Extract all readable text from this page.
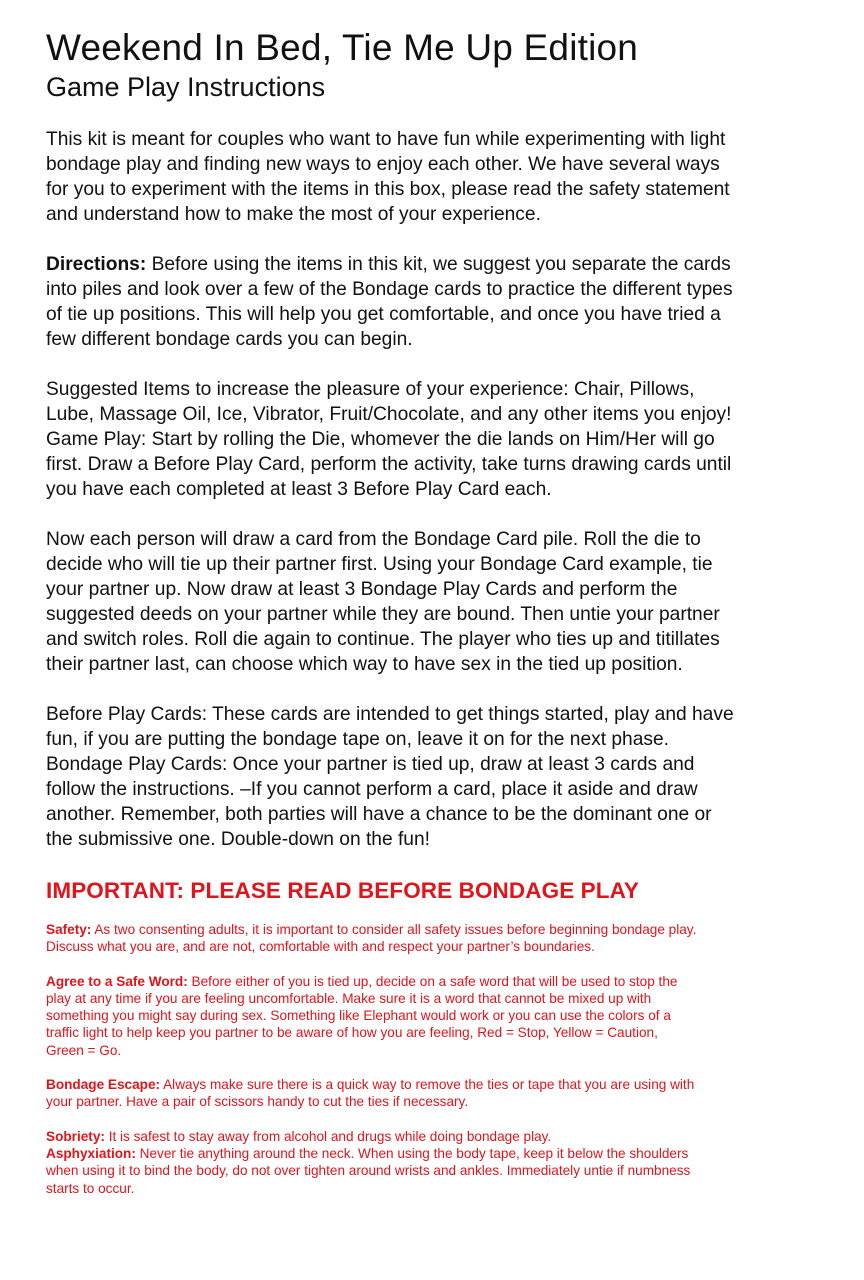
Weekend In Bed, Tie Me Up Edition
Game Play Instructions

This kit is meant for couples who want to have fun while experimenting with light
bondage play and finding new ways to enjoy each other. We have several ways
for you to experiment with the items in this box, please read the safety statement
and understand how to make the most of your experience.

Directions: Before using the items in this kit, we suggest you separate the cards
into piles and look over a few of the Bondage cards to practice the different types
of tie up positions. This will help you get comfortable, and once you have tried a
few different bondage cards you can begin.

Suggested Items to increase the pleasure of your experience: Chair, Pillows,
Lube, Massage Oil, Ice, Vibrator, Fruit/Chocolate, and any other items you enjoy!
Game Play: Start by rolling the Die, whomever the die lands on Him/Her will go
first. Draw a Before Play Card, perform the activity, take turns drawing cards until
you have each completed at least 3 Before Play Card each.

Now each person will draw a card from the Bondage Card pile. Roll the die to
decide who will tie up their partner first. Using your Bondage Card example, tie
your partner up. Now draw at least 3 Bondage Play Cards and perform the
suggested deeds on your partner while they are bound. Then untie your partner
and switch roles. Roll die again to continue. The player who ties up and titillates
their partner last, can choose which way to have sex in the tied up position.

Before Play Cards: These cards are intended to get things started, play and have
fun, if you are putting the bondage tape on, leave it on for the next phase.
Bondage Play Cards: Once your partner is tied up, draw at least 3 cards and
follow the instructions. –If you cannot perform a card, place it aside and draw
another. Remember, both parties will have a chance to be the dominant one or
the submissive one. Double-down on the fun!

IMPORTANT: PLEASE READ BEFORE BONDAGE PLAY

Safety: As two consenting adults, it is important to consider all safety issues before beginning bondage play.
Discuss what you are, and are not, comfortable with and respect your partner’s boundaries.

Agree to a Safe Word: Before either of you is tied up, decide on a safe word that will be used to stop the
play at any time if you are feeling uncomfortable. Make sure it is a word that cannot be mixed up with
something you might say during sex. Something like Elephant would work or you can use the colors of a
traffic light to help keep you partner to be aware of how you are feeling, Red = Stop, Yellow = Caution,
Green = Go.

Bondage Escape: Always make sure there is a quick way to remove the ties or tape that you are using with
your partner. Have a pair of scissors handy to cut the ties if necessary.

Sobriety: It is safest to stay away from alcohol and drugs while doing bondage play.

Asphyxiation: Never tie anything around the neck. When using the body tape, keep it below the shoulders
when using it to bind the body, do not over tighten around wrists and ankles. Immediately untie if numbness
starts to occur.
